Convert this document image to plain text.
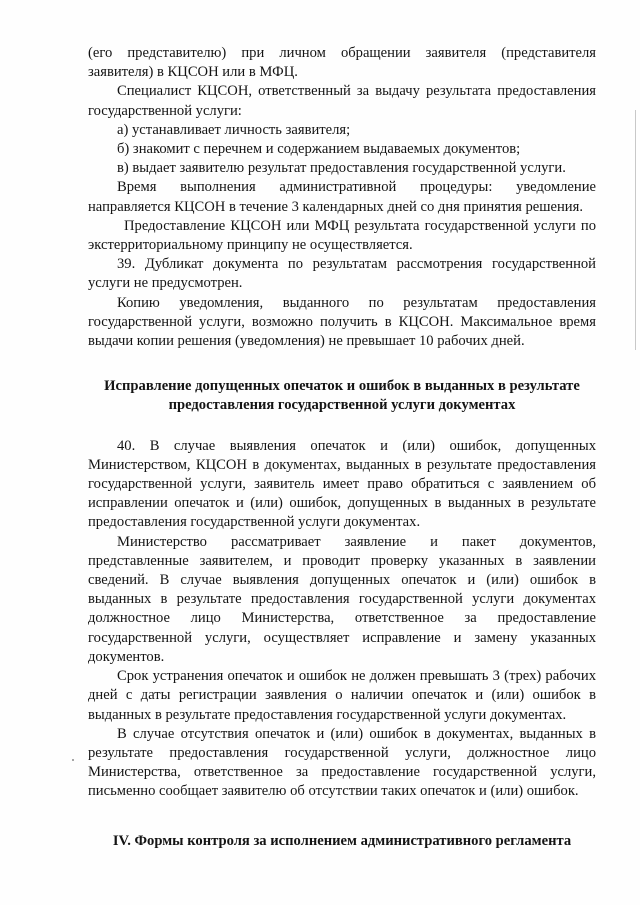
(его представителю) при личном обращении заявителя (представителя заявителя) в КЦСОН или в МФЦ.

Специалист КЦСОН, ответственный за выдачу результата предоставления государственной услуги:

а) устанавливает личность заявителя;

б) знакомит с перечнем и содержанием выдаваемых документов;

в) выдает заявителю результат предоставления государственной услуги.

Время выполнения административной процедуры: уведомление направляется КЦСОН в течение 3 календарных дней со дня принятия решения.

Предоставление КЦСОН или МФЦ результата государственной услуги по экстерриториальному принципу не осуществляется.

39. Дубликат документа по результатам рассмотрения государственной услуги не предусмотрен.

Копию уведомления, выданного по результатам предоставления государственной услуги, возможно получить в КЦСОН. Максимальное время выдачи копии решения (уведомления) не превышает 10 рабочих дней.

Исправление допущенных опечаток и ошибок в выданных в результате предоставления государственной услуги документах

40. В случае выявления опечаток и (или) ошибок, допущенных Министерством, КЦСОН в документах, выданных в результате предоставления государственной услуги, заявитель имеет право обратиться с заявлением об исправлении опечаток и (или) ошибок, допущенных в выданных в результате предоставления государственной услуги документах.

Министерство рассматривает заявление и пакет документов, представленные заявителем, и проводит проверку указанных в заявлении сведений. В случае выявления допущенных опечаток и (или) ошибок в выданных в результате предоставления государственной услуги документах должностное лицо Министерства, ответственное за предоставление государственной услуги, осуществляет исправление и замену указанных документов.

Срок устранения опечаток и ошибок не должен превышать 3 (трех) рабочих дней с даты регистрации заявления о наличии опечаток и (или) ошибок в выданных в результате предоставления государственной услуги документах.

В случае отсутствия опечаток и (или) ошибок в документах, выданных в результате предоставления государственной услуги, должностное лицо Министерства, ответственное за предоставление государственной услуги, письменно сообщает заявителю об отсутствии таких опечаток и (или) ошибок.

IV. Формы контроля за исполнением административного регламента
